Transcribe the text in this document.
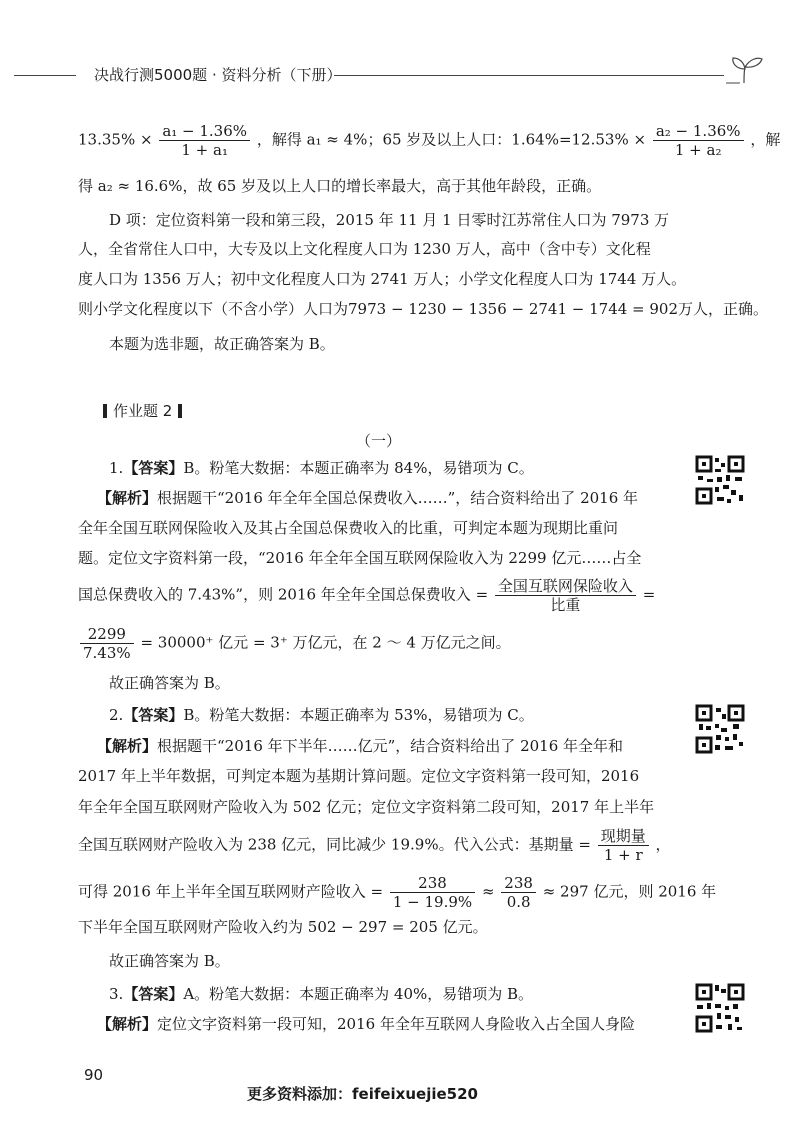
决战行测5000题 · 资料分析（下册）
$13.35\% \times \frac{\text{a₁ − 1.36\%}}{\text{1 + a₁}}$ ，解得 a₁ ≈ 4%；65 岁及以上人口：$1.64\%=12.53\% \times \frac{\text{a₂ − 1.36\%}}{\text{1 + a₂}}$ ，解
得 a₂ ≈ 16.6%，故 65 岁及以上人口的增长率最大，高于其他年龄段，正确。
D 项：定位资料第一段和第三段，2015 年 11 月 1 日零时江苏常住人口为 7973 万
人，全省常住人口中，大专及以上文化程度人口为 1230 万人，高中（含中专）文化程
度人口为 1356 万人；初中文化程度人口为 2741 万人；小学文化程度人口为 1744 万人。
则小学文化程度以下（不含小学）人口为7973 − 1230 − 1356 − 2741 − 1744 = 902万人，正确。
本题为选非题，故正确答案为 B。
作业题 2
（一）
1.【答案】B。粉笔大数据：本题正确率为 84%，易错项为 C。
【解析】根据题干“2016 年全年全国总保费收入……”，结合资料给出了 2016 年
全年全国互联网保险收入及其占全国总保费收入的比重，可判定本题为现期比重问
题。定位文字资料第一段，“2016 年全年全国互联网保险收入为 2299 亿元……占全
国总保费收入的 7.43%”，则 2016 年全年全国总保费收入 = $\frac{\text{全国互联网保险收入}}{\text{比重}}$ =
$\frac{2299}{7.43\%} = 30000^+$ 亿元 = 3⁺ 万亿元，在 2 ～ 4 万亿元之间。
故正确答案为 B。
2.【答案】B。粉笔大数据：本题正确率为 53%，易错项为 C。
【解析】根据题干“2016 年下半年……亿元”，结合资料给出了 2016 年全年和
2017 年上半年数据，可判定本题为基期计算问题。定位文字资料第一段可知，2016
年全年全国互联网财产险收入为 502 亿元；定位文字资料第二段可知，2017 年上半年
全国互联网财产险收入为 238 亿元，同比减少 19.9%。代入公式：基期量 = $\frac{\text{现期量}}{1 + r}$ ，
可得 2016 年上半年全国互联网财产险收入 = $\frac{238}{1 - 19.9\%} \approx \frac{238}{0.8} \approx 297$ 亿元，则 2016 年
下半年全国互联网财产险收入约为 502 − 297 = 205 亿元。
故正确答案为 B。
3.【答案】A。粉笔大数据：本题正确率为 40%，易错项为 B。
【解析】定位文字资料第一段可知，2016 年全年互联网人身险收入占全国人身险
90
更多资料添加：feifeixuejie520
